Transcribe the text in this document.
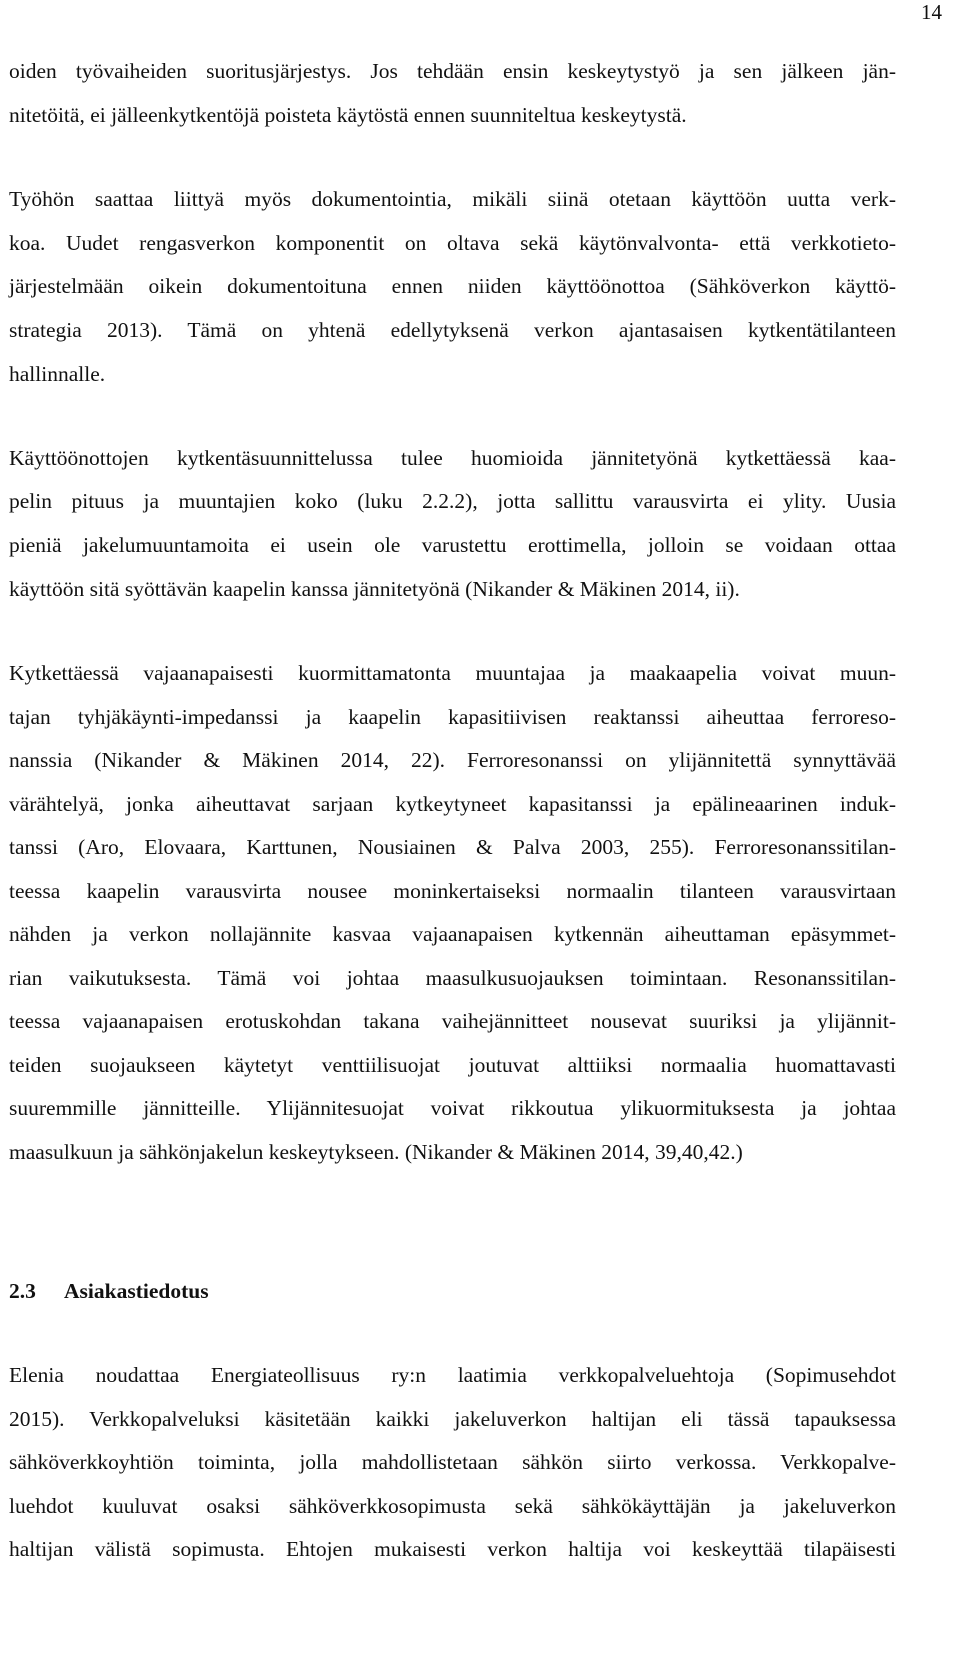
14
oiden työvaiheiden suoritusjärjestys. Jos tehdään ensin keskeytystyö ja sen jälkeen jän-
nitetöitä, ei jälleenkytkentöjä poisteta käytöstä ennen suunniteltua keskeytystä.
Työhön saattaa liittyä myös dokumentointia, mikäli siinä otetaan käyttöön uutta verk-
koa. Uudet rengasverkon komponentit on oltava sekä käytönvalvonta- että verkkotieto-
järjestelmään oikein dokumentoituna ennen niiden käyttöönottoa (Sähköverkon käyttö-
strategia 2013). Tämä on yhtenä edellytyksenä verkon ajantasaisen kytkentätilanteen
hallinnalle.
Käyttöönottojen kytkentäsuunnittelussa tulee huomioida jännitetyönä kytkettäessä kaa-
pelin pituus ja muuntajien koko (luku 2.2.2), jotta sallittu varausvirta ei ylity. Uusia
pieniä jakelumuuntamoita ei usein ole varustettu erottimella, jolloin se voidaan ottaa
käyttöön sitä syöttävän kaapelin kanssa jännitetyönä (Nikander & Mäkinen 2014, ii).
Kytkettäessä vajaanapaisesti kuormittamatonta muuntajaa ja maakaapelia voivat muun-
tajan tyhjäkäynti-impedanssi ja kaapelin kapasitiivisen reaktanssi aiheuttaa ferroreso-
nanssia (Nikander & Mäkinen 2014, 22). Ferroresonanssi on ylijännitettä synnyttävää
värähtelyä, jonka aiheuttavat sarjaan kytkeytyneet kapasitanssi ja epälineaarinen induk-
tanssi (Aro, Elovaara, Karttunen, Nousiainen & Palva 2003, 255). Ferroresonanssitilan-
teessa kaapelin varausvirta nousee moninkertaiseksi normaalin tilanteen varausvirtaan
nähden ja verkon nollajännite kasvaa vajaanapaisen kytkennän aiheuttaman epäsymmet-
rian vaikutuksesta. Tämä voi johtaa maasulkusuojauksen toimintaan. Resonanssitilan-
teessa vajaanapaisen erotuskohdan takana vaihejännitteet nousevat suuriksi ja ylijännit-
teiden suojaukseen käytetyt venttiilisuojat joutuvat alttiiksi normaalia huomattavasti
suuremmille jännitteille. Ylijännitesuojat voivat rikkoutua ylikuormituksesta ja johtaa
maasulkuun ja sähkönjakelun keskeytykseen. (Nikander & Mäkinen 2014, 39,40,42.)
2.3 Asiakastiedotus
Elenia noudattaa Energiateollisuus ry:n laatimia verkkopalveluehtoja (Sopimusehdot
2015). Verkkopalveluksi käsitetään kaikki jakeluverkon haltijan eli tässä tapauksessa
sähköverkkoyhtiön toiminta, jolla mahdollistetaan sähkön siirto verkossa. Verkkopalve-
luehdot kuuluvat osaksi sähköverkkosopimusta sekä sähkökäyttäjän ja jakeluverkon
haltijan välistä sopimusta. Ehtojen mukaisesti verkon haltija voi keskeyttää tilapäisesti
